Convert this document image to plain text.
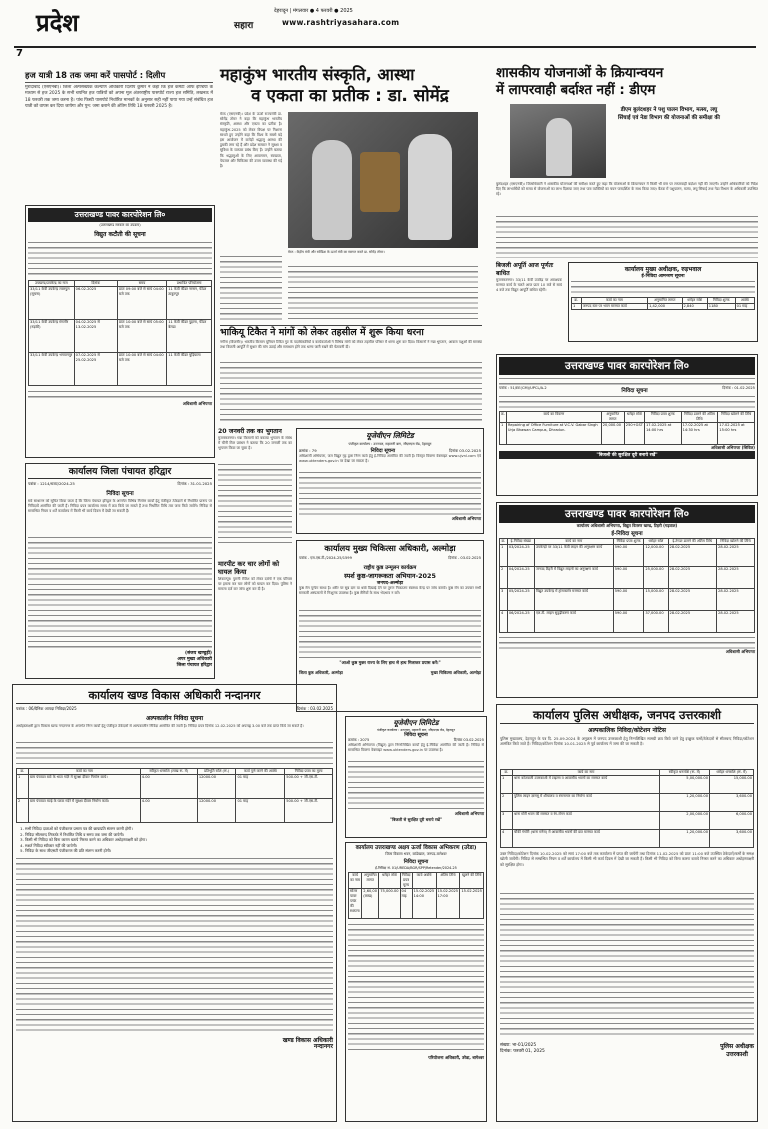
प्रदेश
7
देहरादून | मंगलवार ● 4 फरवरी ● 2025
सहारा	www.rashtriyasahara.com
हज यात्री 18 तक जमा करें पासपोर्ट : दिलीप
मुरादाबाद (एसएनबी)। जिला अल्पसंख्यक कल्याण अधिकारी दिलीप कुमार ने कहा कि हज कमेटी ऑफ इण्डिया के माध्यम से हज 2025 के सभी चयनित हज यात्रियों को अपना मूल अंतरराष्ट्रीय पासपोर्ट राज्य हज समिति, लखनऊ में 18 फरवरी तक जमा करना है। पांच फिस्टी पासपोर्ट निर्धारित मानकों के अनुसार सही नहीं पाया गया उन्हें संबंधित हज यात्री को वापस कर दिया जायेगा और पुन: जमा कराने की अंतिम तिथि 18 फरवरी 2025 है।
उत्तराखण्ड पावर कारपोरेशन लि०
(उत्तराखण्ड सरकार का उपक्रम)
विद्युत कटौती की सूचना
उपखण्ड/उपकेन्द्र का नाम	दिनांक	समय	प्रभावित परियोजना
33/11 केवी उपकेन्द्र लालपुल (सूचना)	06.02.2025	प्रातः 09:00 बजे से सायं 04:00 बजे तक	11 केवी फीडर नरसन, फीडर ठाकुरपुर
33/11 केवी उपकेन्द्र मंगलौर (रुड़की)	04.02.2025 से 13.02.2025	प्रातः 10:00 बजे से सायं 05:00 बजे तक	11 केवी फीडर पुहाना, फीडर बेलडा
33/11 केवी उपकेन्द्र भगवानपुर	07.02.2025 से 25.02.2025	प्रातः 10:00 बजे से सायं 04:00 बजे तक	11 केवी फीडर चुड़ियाला
अधिशासी अभियन्ता
कार्यालय जिला पंचायत हरिद्वार
पत्रांक : 1214/बजट/2024-25	दिनांक : 31.01.2025
निविदा सूचना
सर्व साधारण को सूचित किया जाता है कि जिला पंचायत हरिद्वार के अन्तर्गत विभिन्न निर्माण कार्यों हेतु पंजीकृत ठेकेदारों से निर्धारित प्रारूप पर निविदायें आमंत्रित की जाती हैं। निविदा प्रपत्र कार्यालय समय में क्रय किये जा सकते हैं तथा निर्धारित तिथि तक जमा किये जायेंगे। निविदा से सम्बन्धित नियम व शर्तें कार्यालय में किसी भी कार्य दिवस में देखी जा सकती हैं।
(संजय खण्डूड़ी)
अपर मुख्य अधिकारी
जिला पंचायत हरिद्वार
कार्यालय खण्ड विकास अधिकारी नन्दानगर
पत्रांक : 06/दैनिक आपदा निविदा/2025	दिनांक : 03.02.2025
अल्पकालीन निविदा सूचना
अधोहस्ताक्षरी द्वारा विकास खण्ड नन्दानगर के अन्तर्गत निम्न कार्यों हेतु पंजीकृत ठेकेदारों से अल्पकालीन निविदा आमंत्रित की जाती है। निविदा प्रपत्र दिनांक 12.02.2025 को अपराह्न 3.00 बजे तक प्राप्त किये जा सकते हैं।
क्र.	कार्य का नाम	स्वीकृत धनराशि (लाख रू. में)	प्रतिभूति राशि (रू.)	कार्य पूर्ण करने की अवधि	निविदा प्रपत्र का मूल्य
1	ग्राम पंचायत बाटे के भाटा गदेरे में सुरक्षा दीवार निर्माण कार्य।	4.00	12000.00	01 माह	500.00 + जी.एस.टी.
2	ग्राम पंचायत मटई के घटक गदेरे में सुरक्षा दीवार निर्माण कार्य।	4.00	12000.00	01 माह	500.00 + जी.एस.टी.
1. सभी निविदा दाताओं को पंजीकरण प्रमाण पत्र की छायाप्रति संलग्न करनी होगी।
2. निविदा सीलबन्द लिफाफे में निर्धारित तिथि व समय तक जमा की जायेगी।
3. किसी भी निविदा को बिना कारण बताये निरस्त करने का अधिकार अधोहस्ताक्षरी को होगा।
4. सशर्त निविदा स्वीकार नहीं की जायेगी।
5. निविदा के साथ जीएसटी पंजीकरण की प्रति संलग्न करनी होगी।
खण्ड विकास अधिकारी
नन्दानगर
महाकुंभ भारतीय संस्कृति, आस्था
व एकता का प्रतीक : डा. सोमेंद्र
मेरठ (एसएनबी)। प्रदेश के ऊर्जा राज्यमंत्री डा. सोमेंद्र तोमर ने कहा कि महाकुंभ भारतीय संस्कृति, आस्था और एकता का प्रतीक है। महाकुंभ-2025 को लेकर विपक्ष पर निशाना साधते हुए उन्होंने कहा कि विश्व के सबसे बड़े इस आयोजन में करोड़ों श्रद्धालु आस्था की डुबकी लगा रहे हैं और प्रदेश सरकार ने सुरक्षा व सुविधा के व्यापक प्रबंध किए हैं। उन्होंने बताया कि श्रद्धालुओं के लिए आवागमन, स्वच्छता, पेयजल और चिकित्सा की उत्तम व्यवस्था की गई है।
मेरठ : केंद्रीय मंत्री और स्वीडिश के ऊर्जा मंत्री का स्वागत करते डा. सोमेंद्र तोमर।
भाकियू टिकैत ने मांगों को लेकर तहसील में शुरू किया धरना
नगीना (बिजनौर)। भारतीय किसान यूनियन टिकैत गुट के पदाधिकारियों व कार्यकर्ताओं ने विभिन्न मांगों को लेकर तहसील परिसर में धरना शुरू कर दिया। किसानों ने गन्ना भुगतान, आवारा पशुओं की समस्या तथा बिजली आपूर्ति में सुधार की मांग उठाई और समाधान होने तक धरना जारी रखने की चेतावनी दी।
20 जनवरी तक का भुगतान
मुजफ्फरनगर। गन्ना किसानों को बकाया भुगतान के संबंध में चीनी मिल प्रबंधन ने बताया कि 20 जनवरी तक का भुगतान किया जा चुका है।
मारपीट कर चार लोगों को घायल किया
शिकारपुर। पुरानी रंजिश को लेकर दबंगों ने एक परिवार पर हमला कर चार लोगों को घायल कर दिया। पुलिस ने मामला दर्ज कर जांच शुरू कर दी है।
यूजेवीएन लिमिटेड
पंजीकृत कार्यालय : उज्ज्वल, महारानी बाग, जीएमएस रोड, देहरादून
क्रमांक : 79	निविदा सूचना	दिनांक 03.02.2025
अधिशासी अभियन्ता, जल विद्युत गृह द्वारा निम्न कार्य हेतु ई-निविदा आमंत्रित की जाती है। विस्तृत विवरण वेबसाइट www.ujvnl.com एवं www.uktenders.gov.in पर देखा जा सकता है।
अधिशासी अभियन्ता
कार्यालय मुख्य चिकित्सा अधिकारी, अल्मोड़ा
पत्रांक - एस.एस.टी./2024-25/1599	दिनांक - 03.02.2025
राष्ट्रीय कुष्ठ उन्मूलन कार्यक्रम
स्पर्श कुष्ठ-जागरूकता अभियान-2025
जनपद-अल्मोड़ा
कुष्ठ रोग पूर्णतः साध्य है। शरीर पर सुन्न दाग या धब्बे दिखाई देने पर तुरन्त निकटतम स्वास्थ्य केन्द्र पर जांच करायें। कुष्ठ रोग का उपचार सभी सरकारी अस्पतालों में निःशुल्क उपलब्ध है। कुष्ठ रोगियों के साथ भेदभाव न करें।
"आओ कुष्ठ मुक्त राज्य के लिए हाथ से हाथ मिलाकर प्रयास करें।"
जिला कुष्ठ अधिकारी, अल्मोड़ा	मुख्य चिकित्सा अधिकारी, अल्मोड़ा
यूजेवीएन लिमिटेड
पंजीकृत कार्यालय : उज्ज्वल, महारानी बाग, जीएमएस रोड, देहरादून
निविदा सूचना
क्रमांक : 2075	दिनांक 03.02.2025
अधिशासी अभियन्ता (विद्युत) द्वारा निम्नलिखित कार्यों हेतु ई-निविदा आमंत्रित की जाती है। निविदा से सम्बन्धित विवरण वेबसाइट www.uktenders.gov.in पर उपलब्ध है।
अधिशासी अभियन्ता
"बिजली से सुरक्षित दूरी बनाये रखें"
कार्यालय उत्तराखण्ड अक्षय ऊर्जा विकास अभिकरण (उरेडा)
जिला विकास भवन, कांडेखाल, जनपद-बागेश्वर
निविदा सूचना
ई-निविदा सं. 01/UREDA/BGR/SPP/Retender/2024-25
कार्य का नाम	अनुमानित लागत	धरोहर राशि	निविदा प्रपत्र मूल्य	कार्य अवधि	अंतिम तिथि	खुलने की तिथि
सोलर पावर प्लांट की स्थापना	2,60,00 (लाख)	75,000.00	04 माह	15.02.2025 14:00	15.02.2025 17:00	15.02.2025
परियोजना अधिकारी, उरेडा, बागेश्वर
शासकीय योजनाओं के क्रियान्वयन
में लापरवाही बर्दाश्त नहीं : डीएम
डीएम बुलंदशहर ने पशु पालन विभाग, मत्स्य, लघु सिंचाई एवं नेडा विभाग की योजनाओं की समीक्षा की
बुलंदशहर (एसएनबी)। जिलाधिकारी ने शासकीय योजनाओं की समीक्षा करते हुए कहा कि योजनाओं के क्रियान्वयन में किसी भी स्तर पर लापरवाही बर्दाश्त नहीं की जाएगी। उन्होंने अधिकारियों को निर्देश दिए कि लाभार्थियों को समय से योजनाओं का लाभ दिलाया जाए तथा पात्र व्यक्तियों का चयन पारदर्शिता के साथ किया जाए। बैठक में पशुपालन, मत्स्य, लघु सिंचाई तथा नेडा विभाग के अधिकारी उपस्थित रहे।
बिजली अपूर्ति आज पूर्णतः बाधित
मुजफ्फरनगर। 33/11 केवी उपकेंद्र पर आवश्यक मरम्मत कार्य के चलते आज प्रातः 10 बजे से सायं 4 बजे तक विद्युत आपूर्ति बाधित रहेगी।
कार्यालय मुख्य अधीक्षक, रुड़भवाल
ई-निविदा आमन्त्रण सूचना
क्र.	कार्य का नाम	अनुमानित लागत	धरोहर राशि	निविदा शुल्क	अवधि
1	जनपद स्तर पर भवन मरम्मत कार्य	1,42,000	2,840	1180	01 माह
उत्तराखण्ड पावर कारपोरेशन लि०
पत्रांक : 51/EE(CM)/UPCL/A-2	निविदा सूचना	दिनांक : 01.02.2025
क्र.	कार्य का विवरण	अनुमानित लागत	धरोहर राशि	निविदा प्रपत्र शुल्क	निविदा डालने की अंतिम तिथि	निविदा खोलने की तिथि
1	Repairing of Office Furniture at V.C.V. Gabar Singh Urja Bhawan Campus, Dhradun.	20,000.00	250+GST	17.02.2025 at 14:00 hrs	17.02.2025 at 14:30 hrs	17.02.2025 at 15:00 hrs
अधिशासी अभियन्ता (सिविल)
"बिजली की सुरक्षित दूरी बनाये रखें"
उत्तराखण्ड पावर कारपोरेशन लि०
कार्यालय अधिशासी अभियन्ता, विद्युत वितरण खण्ड, टिहरी (गढ़वाल)
ई-निविदा सूचना
क्र.	ई-निविदा संख्या	कार्य का नाम	निविदा प्रपत्र शुल्क	धरोहर राशि	ई-टेण्डर डालने की अंतिम तिथि	निविदा खोलने की तिथि
1	03/2024-25	उपकेन्द्रों पर 33/11 केवी लाइन की अनुरक्षण कार्य	590.00	12,000.00	28.02.2025	28.02.2025
2	04/2024-25	जनपद टिहरी में विद्युत लाइनों का अनुरक्षण कार्य	590.00	25,000.00	28.02.2025	28.02.2025
3	05/2024-25	विद्युत उपकेन्द्र में ट्रांसफार्मर मरम्मत कार्य	590.00	15,000.00	28.02.2025	28.02.2025
4	06/2024-25	एल.टी. लाइन सुदृढ़ीकरण कार्य	590.00	37,000.00	28.02.2025	28.02.2025
अधिशासी अभियन्ता
कार्यालय पुलिस अधीक्षक, जनपद उत्तरकाशी
अल्पकालिक निविदा/कोटेशन नोटिस
पुलिस मुख्यालय, देहरादून के पत्र दि. 25.09.2024 के अनुक्रम में जनपद उत्तरकाशी हेतु निम्नलिखित सामग्री क्रय किये जाने हेतु इच्छुक फर्मों/ठेकेदारों से सीलबन्द निविदा/कोटेशन आमंत्रित किये जाते हैं। निविदा/कोटेशन दिनांक 10.01.2025 से पूर्व कार्यालय में जमा की जा सकती है।
क्र.	कार्य का नाम	स्वीकृत धनराशि (रू. में)	धरोहर धनराशि (रू. में)
1	थाना कोतवाली उत्तरकाशी में टाइल्स व आवासीय भवनों का मरम्मत कार्य	5,00,000.00	15,000.00
2	पुलिस लाइन ज्ञानसू में शौचालय व स्नानागार का निर्माण कार्य	1,20,000.00	3,600.00
3	थाना मोरी भवन की मरम्मत व रंग-रोगन कार्य	2,00,000.00	6,000.00
4	चौकी गंगोरी (थाना मनेरा) में आवासीय भवनों की छत मरम्मत कार्य	1,20,000.00	3,600.00
उक्त निविदा/कोटेशन दिनांक 10.02.2025 को सायं 17:00 बजे तक कार्यालय में प्राप्त की जायेंगी तथा दिनांक 11.02.2025 को प्रातः 11:00 बजे उपस्थित ठेकेदारों/फर्मों के समक्ष खोली जायेंगी। निविदा से सम्बन्धित नियम व शर्तें कार्यालय में किसी भी कार्य दिवस में देखी जा सकती हैं। किसी भी निविदा को बिना कारण बताये निरस्त करने का अधिकार अधोहस्ताक्षरी को सुरक्षित होगा।
संख्या: भा-01/2025
दिनांक: फरवरी 01, 2025
पुलिस अधीक्षक
उत्तरकाशी
